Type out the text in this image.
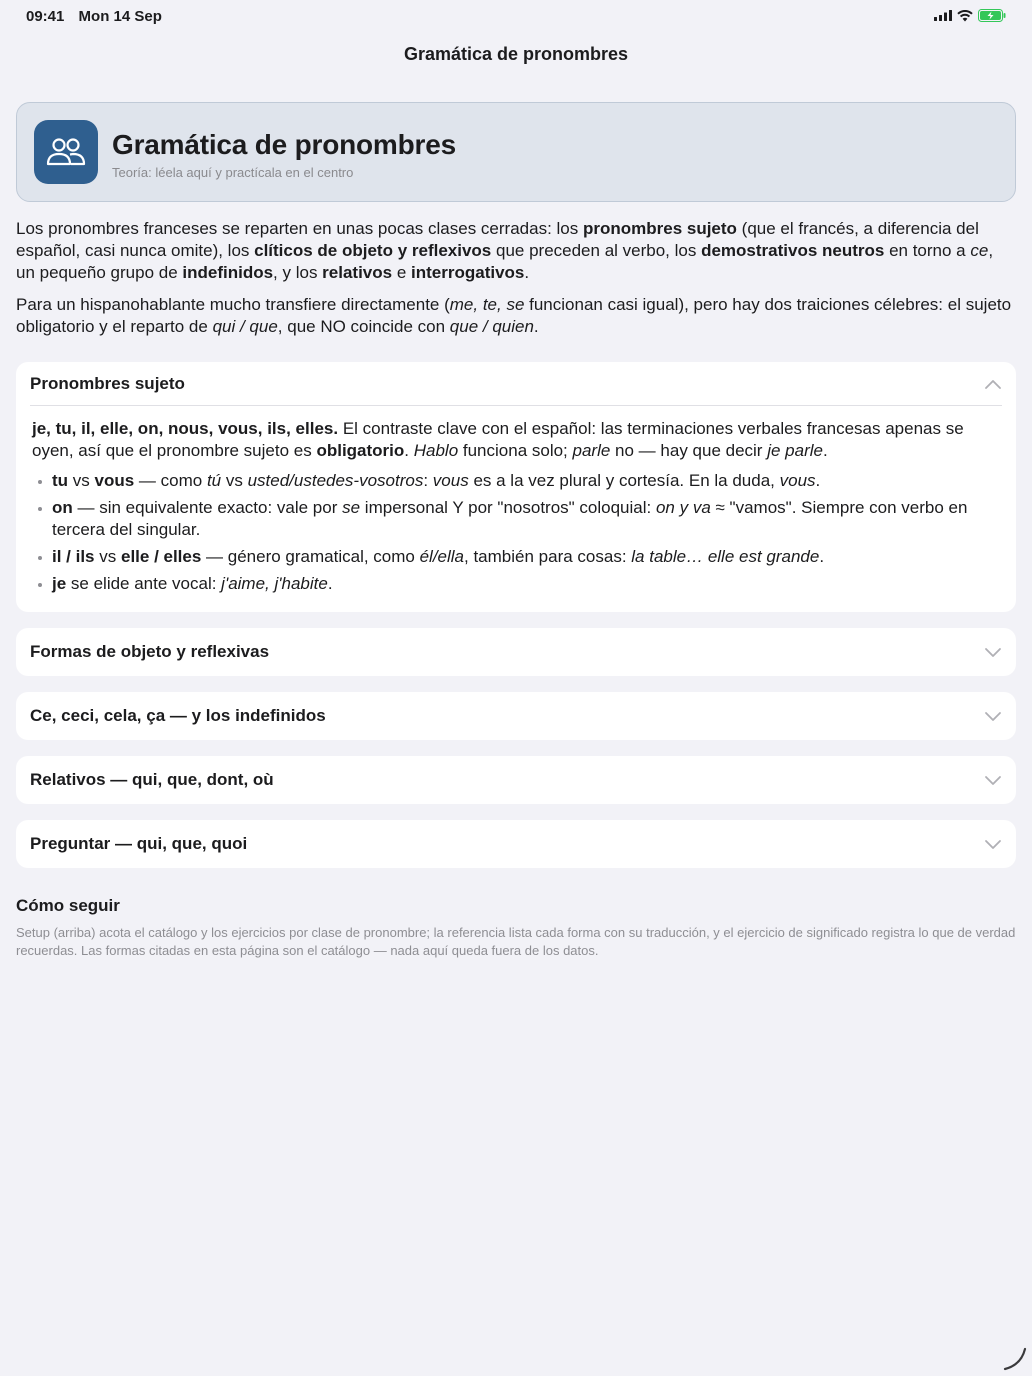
09:41 Mon 14 Sep
Gramática de pronombres
Gramática de pronombres
Teoría: léela aquí y practícala en el centro

Los pronombres franceses se reparten en unas pocas clases cerradas: los pronombres sujeto (que el francés, a diferencia del español, casi nunca omite), los clíticos de objeto y reflexivos que preceden al verbo, los demostrativos neutros en torno a ce, un pequeño grupo de indefinidos, y los relativos e interrogativos.

Para un hispanohablante mucho transfiere directamente (me, te, se funcionan casi igual), pero hay dos traiciones célebres: el sujeto obligatorio y el reparto de qui / que, que NO coincide con que / quien.

Pronombres sujeto

je, tu, il, elle, on, nous, vous, ils, elles. El contraste clave con el español: las terminaciones verbales francesas apenas se oyen, así que el pronombre sujeto es obligatorio. Hablo funciona solo; parle no — hay que decir je parle.

tu vs vous — como tú vs usted/ustedes-vosotros: vous es a la vez plural y cortesía. En la duda, vous.
on — sin equivalente exacto: vale por se impersonal Y por "nosotros" coloquial: on y va ≈ "vamos". Siempre con verbo en tercera del singular.
il / ils vs elle / elles — género gramatical, como él/ella, también para cosas: la table… elle est grande.
je se elide ante vocal: j'aime, j'habite.
Formas de objeto y reflexivas
Ce, ceci, cela, ça — y los indefinidos
Relativos — qui, que, dont, où
Preguntar — qui, que, quoi
Cómo seguir
Setup (arriba) acota el catálogo y los ejercicios por clase de pronombre; la referencia lista cada forma con su traducción, y el ejercicio de significado registra lo que de verdad recuerdas. Las formas citadas en esta página son el catálogo — nada aquí queda fuera de los datos.
